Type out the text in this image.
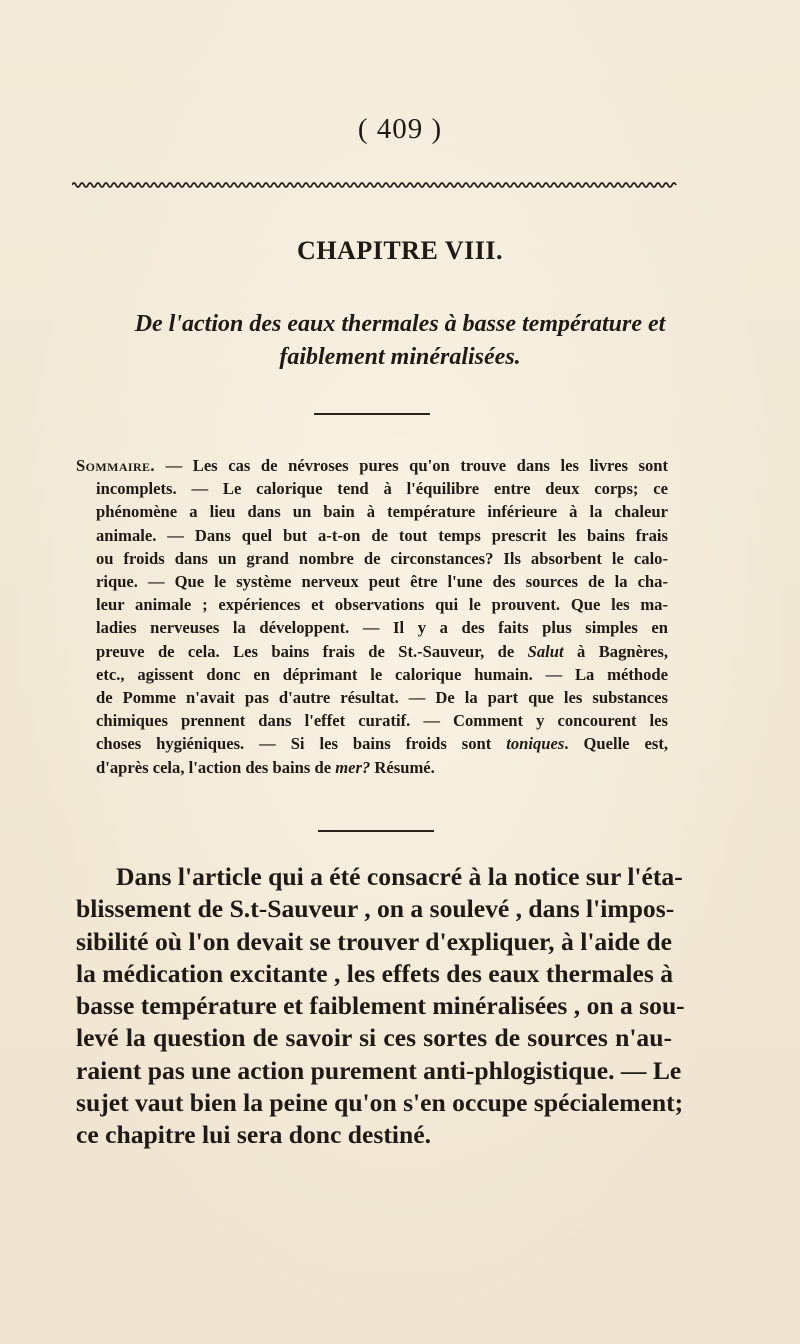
( 409 )
CHAPITRE VIII.
De l'action des eaux thermales à basse température et
faiblement minéralisées.
Sommaire. — Les cas de névroses pures qu'on trouve dans les livres sont
incomplets. — Le calorique tend à l'équilibre entre deux corps; ce
phénomène a lieu dans un bain à température inférieure à la chaleur
animale. — Dans quel but a-t-on de tout temps prescrit les bains frais
ou froids dans un grand nombre de circonstances? Ils absorbent le calo-
rique. — Que le système nerveux peut être l'une des sources de la cha-
leur animale ; expériences et observations qui le prouvent. Que les ma-
ladies nerveuses la développent. — Il y a des faits plus simples en
preuve de cela. Les bains frais de St.-Sauveur, de Salut à Bagnères,
etc., agissent donc en déprimant le calorique humain. — La méthode
de Pomme n'avait pas d'autre résultat. — De la part que les substances
chimiques prennent dans l'effet curatif. — Comment y concourent les
choses hygiéniques. — Si les bains froids sont toniques. Quelle est,
d'après cela, l'action des bains de mer? Résumé.
Dans l'article qui a été consacré à la notice sur l'éta-
blissement de S.t-Sauveur , on a soulevé , dans l'impos-
sibilité où l'on devait se trouver d'expliquer, à l'aide de
la médication excitante , les effets des eaux thermales à
basse température et faiblement minéralisées , on a sou-
levé la question de savoir si ces sortes de sources n'au-
raient pas une action purement anti-phlogistique. — Le
sujet vaut bien la peine qu'on s'en occupe spécialement;
ce chapitre lui sera donc destiné.
